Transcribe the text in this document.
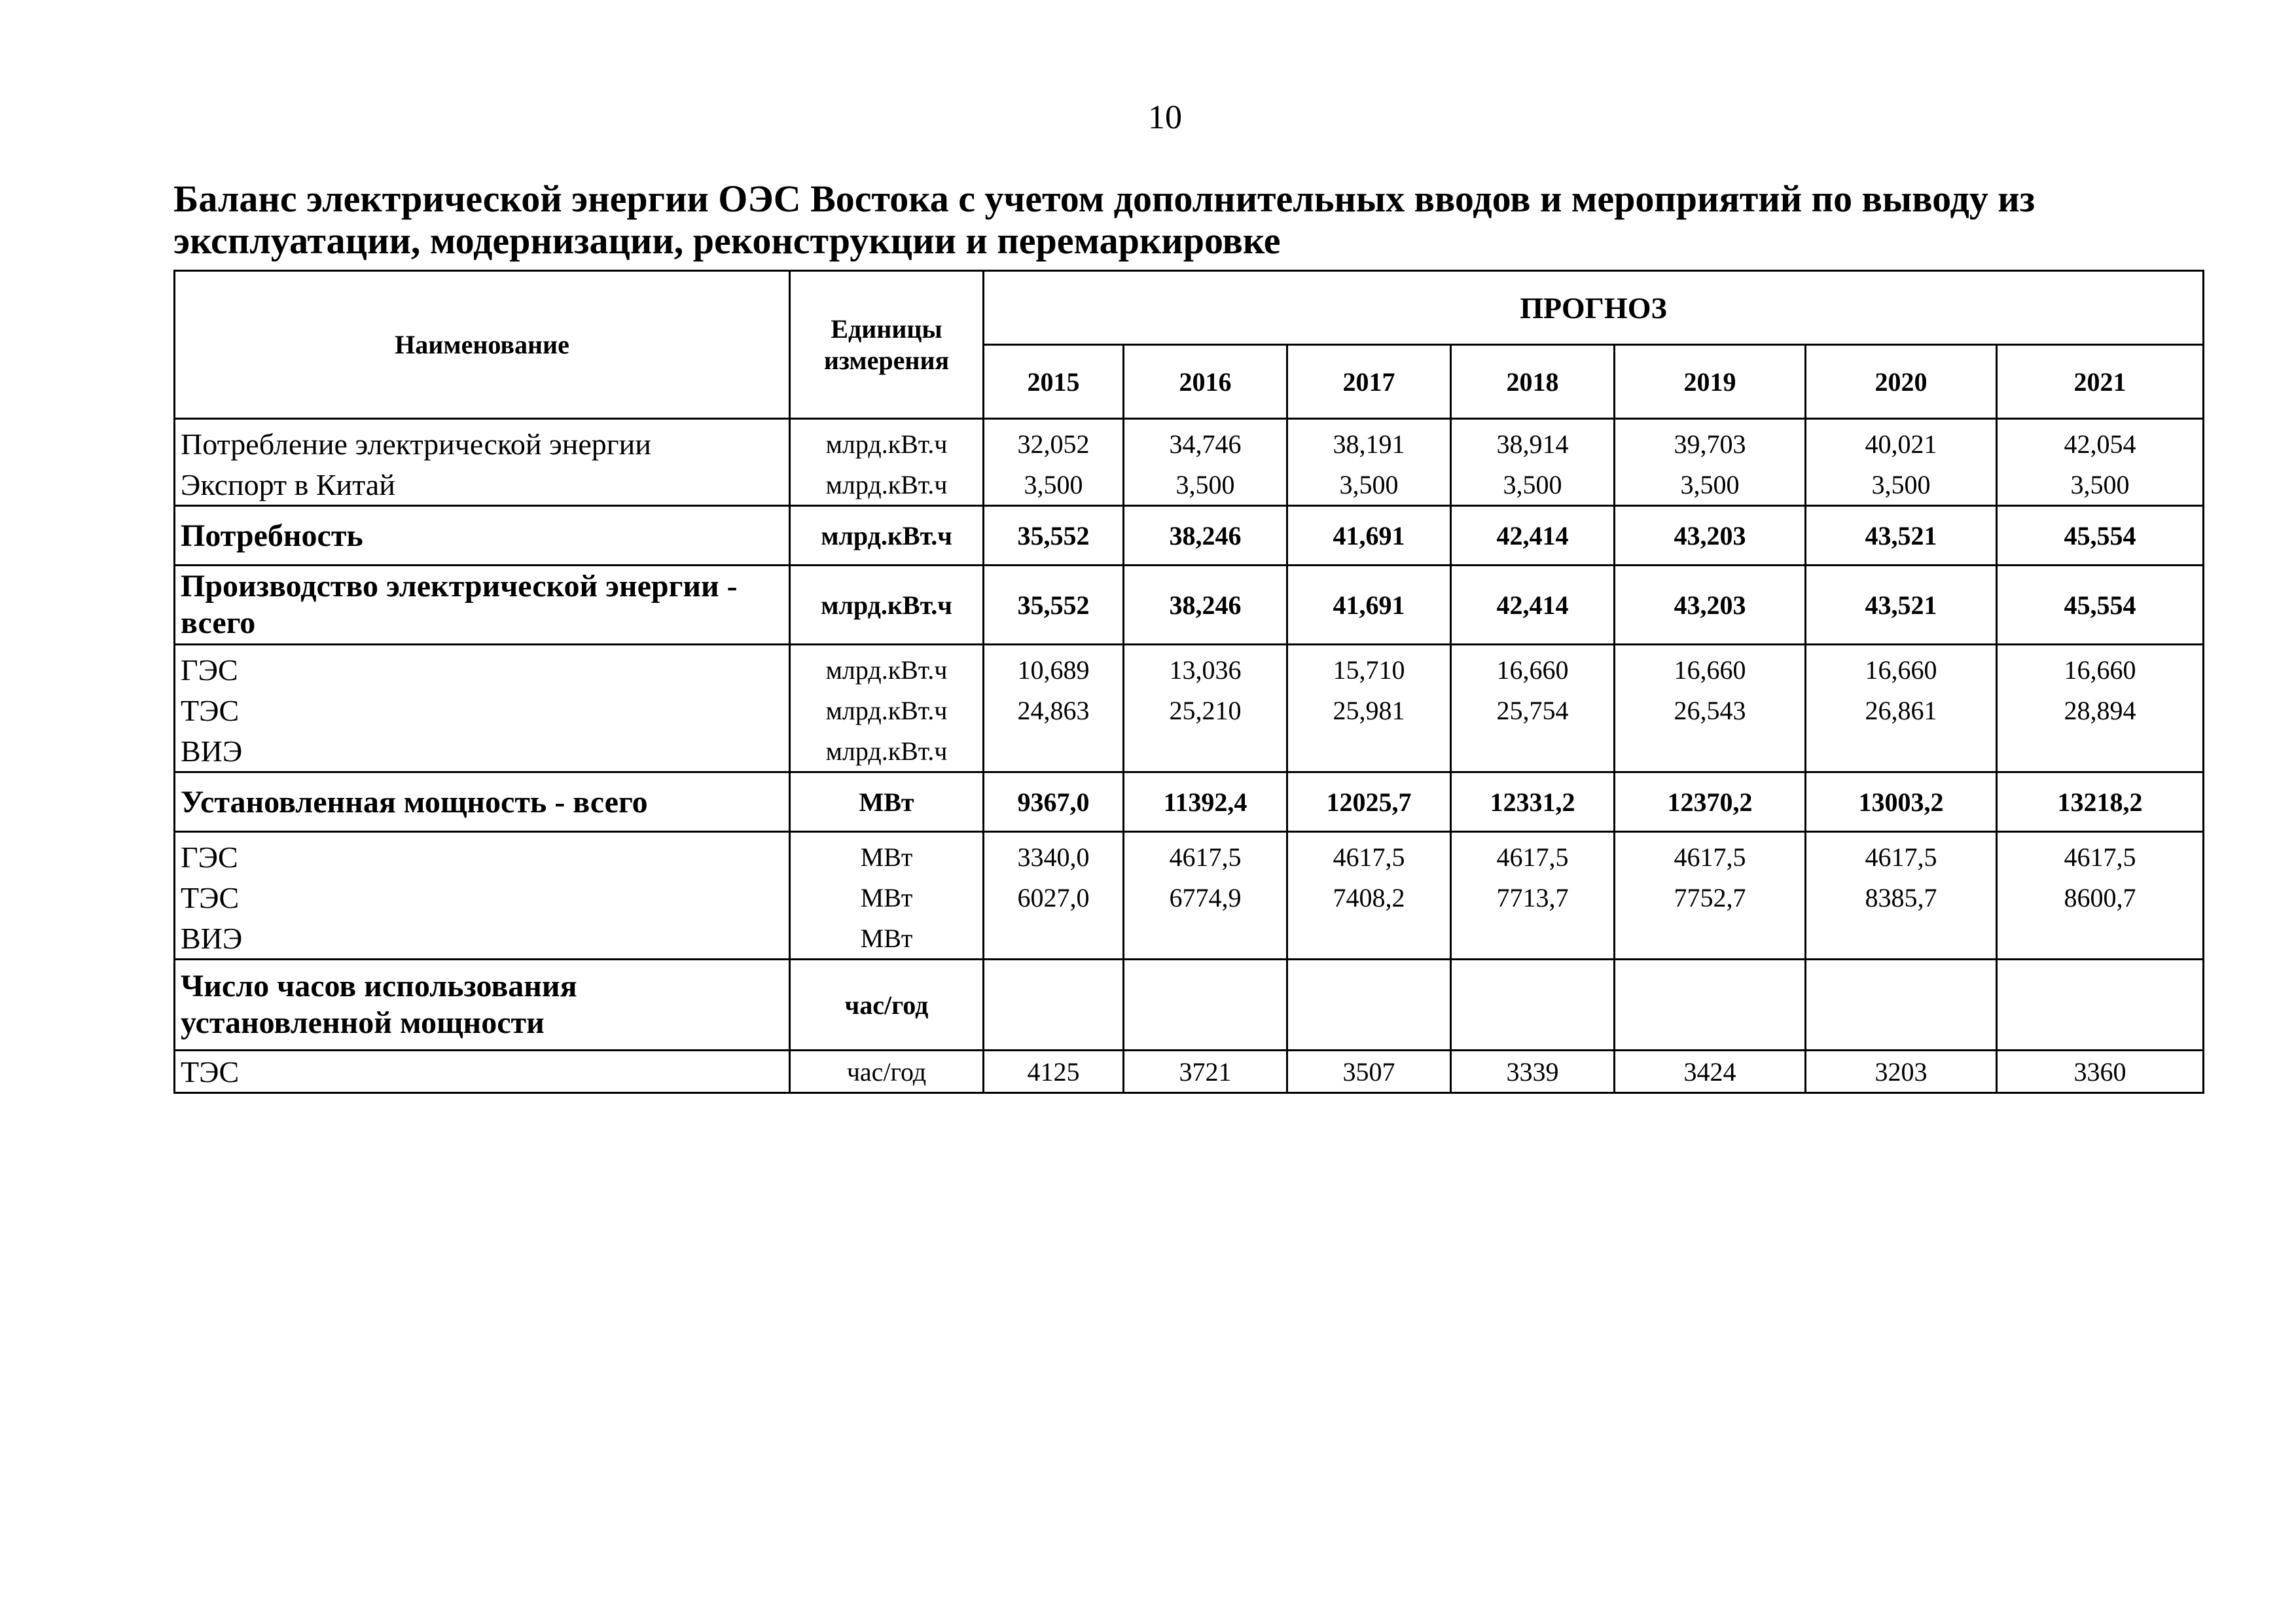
10
Баланс электрической энергии ОЭС Востока с учетом дополнительных вводов и мероприятий по выводу из эксплуатации, модернизации, реконструкции и перемаркировке
Наименование	Единицы измерения	ПРОГНОЗ						
		2015	2016	2017	2018	2019	2020	2021
Потребление электрической энергии	млрд.кВт.ч	32,052	34,746	38,191	38,914	39,703	40,021	42,054
Экспорт в Китай	млрд.кВт.ч	3,500	3,500	3,500	3,500	3,500	3,500	3,500
Потребность	млрд.кВт.ч	35,552	38,246	41,691	42,414	43,203	43,521	45,554
Производство электрической энергии - всего	млрд.кВт.ч	35,552	38,246	41,691	42,414	43,203	43,521	45,554
ГЭС	млрд.кВт.ч	10,689	13,036	15,710	16,660	16,660	16,660	16,660
ТЭС	млрд.кВт.ч	24,863	25,210	25,981	25,754	26,543	26,861	28,894
ВИЭ	млрд.кВт.ч							
Установленная мощность - всего	МВт	9367,0	11392,4	12025,7	12331,2	12370,2	13003,2	13218,2
ГЭС	МВт	3340,0	4617,5	4617,5	4617,5	4617,5	4617,5	4617,5
ТЭС	МВт	6027,0	6774,9	7408,2	7713,7	7752,7	8385,7	8600,7
ВИЭ	МВт							
Число часов использования установленной мощности	час/год							
ТЭС	час/год	4125	3721	3507	3339	3424	3203	3360
